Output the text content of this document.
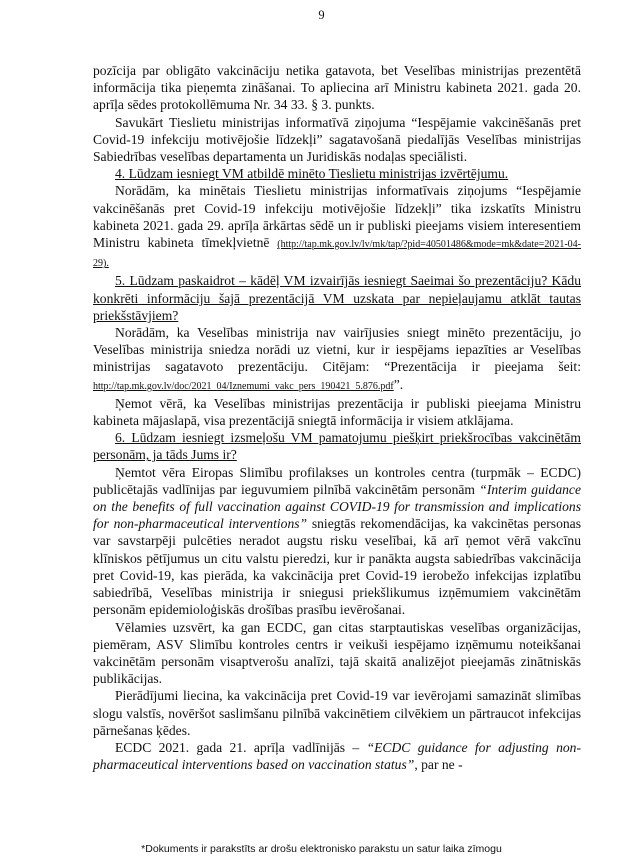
9

pozīcija par obligāto vakcināciju netika gatavota, bet Veselības ministrijas prezentētā informācija tika pieņemta zināšanai. To apliecina arī Ministru kabineta 2021. gada 20. aprīļa sēdes protokollēmuma Nr. 34 33. § 3. punkts.

Savukārt Tieslietu ministrijas informatīvā ziņojuma “Iespējamie vakcinēšanās pret Covid-19 infekciju motivējošie līdzekļi” sagatavošanā piedalījās Veselības ministrijas Sabiedrības veselības departamenta un Juridiskās nodaļas speciālisti.

4. Lūdzam iesniegt VM atbildē minēto Tieslietu ministrijas izvērtējumu.

Norādām, ka minētais Tieslietu ministrijas informatīvais ziņojums “Iespējamie vakcinēšanās pret Covid-19 infekciju motivējošie līdzekļi” tika izskatīts Ministru kabineta 2021. gada 29. aprīļa ārkārtas sēdē un ir publiski pieejams visiem interesentiem Ministru kabineta tīmekļvietnē (http://tap.mk.gov.lv/lv/mk/tap/?pid=40501486&mode=mk&date=2021-04-29).

5. Lūdzam paskaidrot – kādēļ VM izvairījās iesniegt Saeimai šo prezentāciju? Kādu konkrēti informāciju šajā prezentācijā VM uzskata par nepieļaujamu atklāt tautas priekšstāvjiem?

Norādām, ka Veselības ministrija nav vairījusies sniegt minēto prezentāciju, jo Veselības ministrija sniedza norādi uz vietni, kur ir iespējams iepazīties ar Veselības ministrijas sagatavoto prezentāciju. Citējam: “Prezentācija ir pieejama šeit: http://tap.mk.gov.lv/doc/2021_04/Iznemumi_vakc_pers_190421_5.876.pdf”.

Ņemot vērā, ka Veselības ministrijas prezentācija ir publiski pieejama Ministru kabineta mājaslapā, visa prezentācijā sniegtā informācija ir visiem atklājama.

6. Lūdzam iesniegt izsmeļošu VM pamatojumu piešķirt priekšrocības vakcinētām personām, ja tāds Jums ir?

Ņemtot vēra Eiropas Slimību profilakses un kontroles centra (turpmāk – ECDC) publicētajās vadlīnijas par ieguvumiem pilnībā vakcinētām personām “Interim guidance on the benefits of full vaccination against COVID-19 for transmission and implications for non-pharmaceutical interventions” sniegtās rekomendācijas, ka vakcinētas personas var savstarpēji pulcēties neradot augstu risku veselībai, kā arī ņemot vērā vakcīnu klīniskos pētījumus un citu valstu pieredzi, kur ir panākta augsta sabiedrības vakcinācija pret Covid-19, kas pierāda, ka vakcinācija pret Covid-19 ierobežo infekcijas izplatību sabiedrībā, Veselības ministrija ir sniegusi priekšlikumus izņēmumiem vakcinētām personām epidemioloģiskās drošības prasību ievērošanai.

Vēlamies uzsvērt, ka gan ECDC, gan citas starptautiskas veselības organizācijas, piemēram, ASV Slimību kontroles centrs ir veikuši iespējamo izņēmumu noteikšanai vakcinētām personām visaptverošu analīzi, tajā skaitā analizējot pieejamās zinātniskās publikācijas.

Pierādījumi liecina, ka vakcinācija pret Covid-19 var ievērojami samazināt slimības slogu valstīs, novēršot saslimšanu pilnībā vakcinētiem cilvēkiem un pārtraucot infekcijas pārnešanas ķēdes.

ECDC 2021. gada 21. aprīļa vadlīnijās – “ECDC guidance for adjusting non-pharmaceutical interventions based on vaccination status”, par ne -

*Dokuments ir parakstīts ar drošu elektronisko parakstu un satur laika zīmogu
